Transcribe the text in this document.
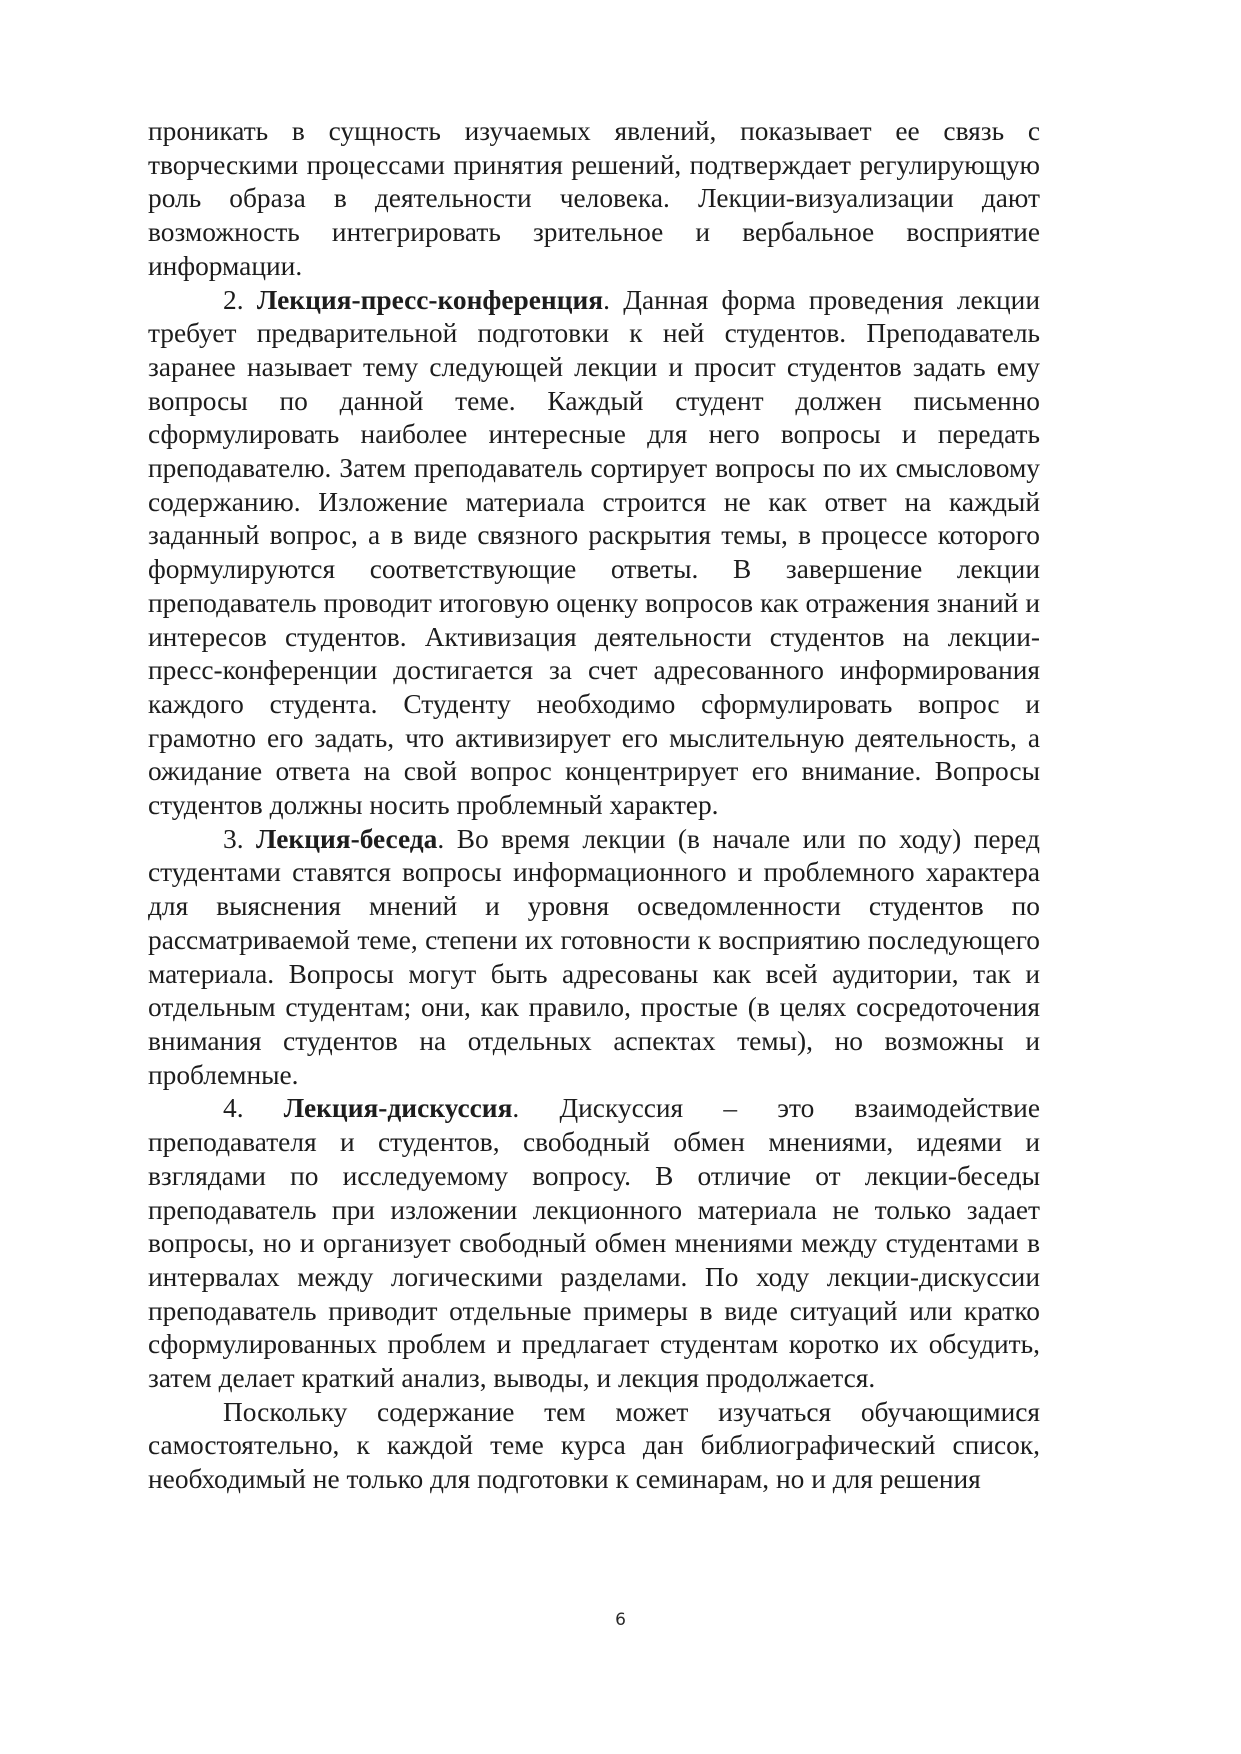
проникать в сущность изучаемых явлений, показывает ее связь с творческими процессами принятия решений, подтверждает регулирующую роль образа в деятельности человека. Лекции-визуализации дают возможность интегрировать зрительное и вербальное восприятие информации.

2. Лекция-пресс-конференция. Данная форма проведения лекции требует предварительной подготовки к ней студентов. Преподаватель заранее называет тему следующей лекции и просит студентов задать ему вопросы по данной теме. Каждый студент должен письменно сформулировать наиболее интересные для него вопросы и передать преподавателю. Затем преподаватель сортирует вопросы по их смысловому содержанию. Изложение материала строится не как ответ на каждый заданный вопрос, а в виде связного раскрытия темы, в процессе которого формулируются соответствующие ответы. В завершение лекции преподаватель проводит итоговую оценку вопросов как отражения знаний и интересов студентов. Активизация деятельности студентов на лекции-пресс-конференции достигается за счет адресованного информирования каждого студента. Студенту необходимо сформулировать вопрос и грамотно его задать, что активизирует его мыслительную деятельность, а ожидание ответа на свой вопрос концентрирует его внимание. Вопросы студентов должны носить проблемный характер.

3. Лекция-беседа. Во время лекции (в начале или по ходу) перед студентами ставятся вопросы информационного и проблемного характера для выяснения мнений и уровня осведомленности студентов по рассматриваемой теме, степени их готовности к восприятию последующего материала. Вопросы могут быть адресованы как всей аудитории, так и отдельным студентам; они, как правило, простые (в целях сосредоточения внимания студентов на отдельных аспектах темы), но возможны и проблемные.

4. Лекция-дискуссия. Дискуссия – это взаимодействие преподавателя и студентов, свободный обмен мнениями, идеями и взглядами по исследуемому вопросу. В отличие от лекции-беседы преподаватель при изложении лекционного материала не только задает вопросы, но и организует свободный обмен мнениями между студентами в интервалах между логическими разделами. По ходу лекции-дискуссии преподаватель приводит отдельные примеры в виде ситуаций или кратко сформулированных проблем и предлагает студентам коротко их обсудить, затем делает краткий анализ, выводы, и лекция продолжается.

Поскольку содержание тем может изучаться обучающимися самостоятельно, к каждой теме курса дан библиографический список, необходимый не только для подготовки к семинарам, но и для решения

6
